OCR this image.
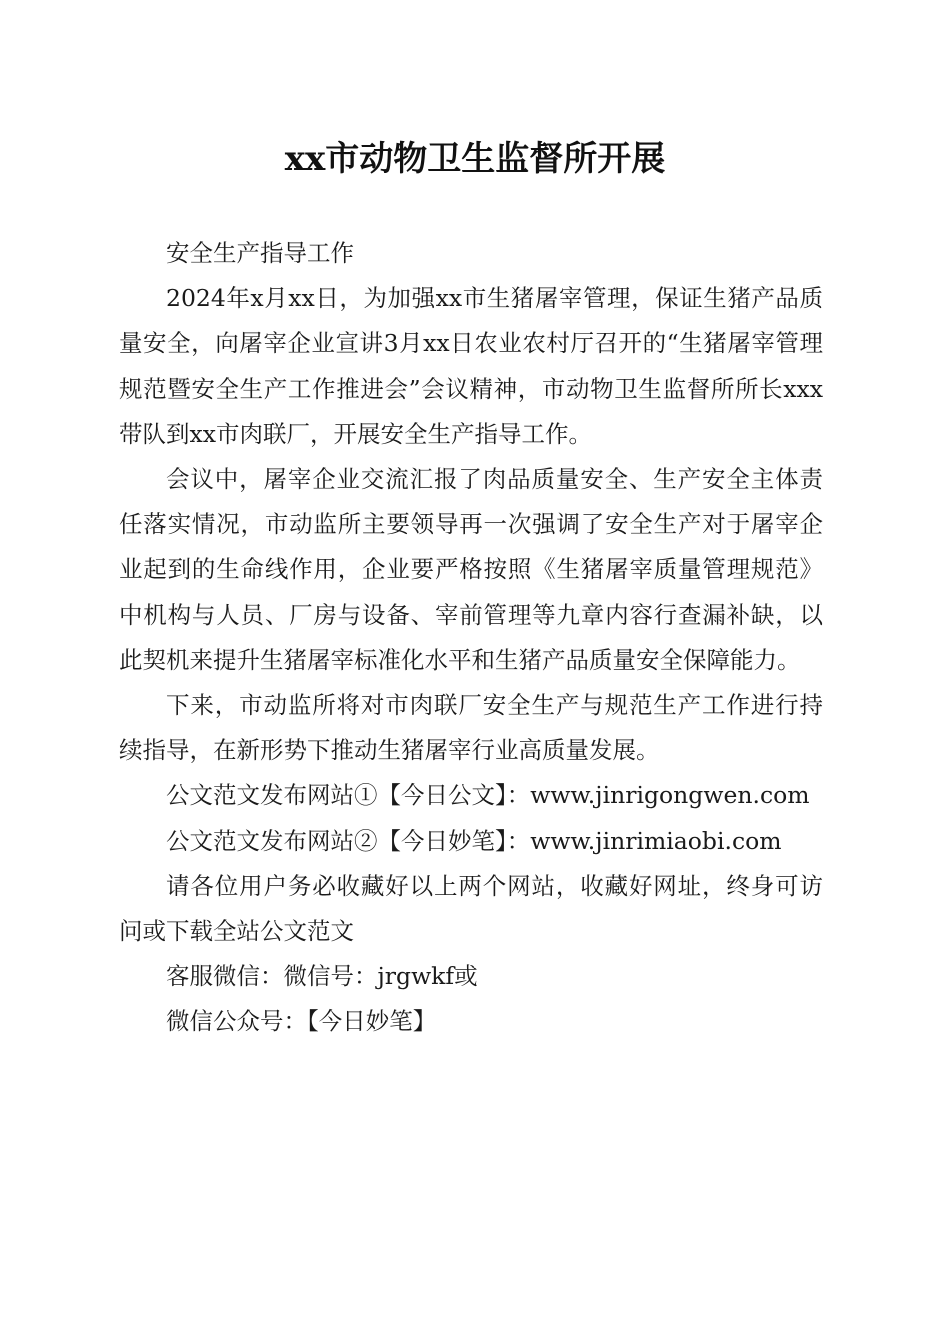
xx市动物卫生监督所开展

安全生产指导工作

2024年x月xx日，为加强xx市生猪屠宰管理，保证生猪产品质量安全，向屠宰企业宣讲3月xx日农业农村厅召开的“生猪屠宰管理规范暨安全生产工作推进会”会议精神，市动物卫生监督所所长xxx带队到xx市肉联厂，开展安全生产指导工作。

会议中，屠宰企业交流汇报了肉品质量安全、生产安全主体责任落实情况，市动监所主要领导再一次强调了安全生产对于屠宰企业起到的生命线作用，企业要严格按照《生猪屠宰质量管理规范》中机构与人员、厂房与设备、宰前管理等九章内容行查漏补缺，以此契机来提升生猪屠宰标准化水平和生猪产品质量安全保障能力。

下来，市动监所将对市肉联厂安全生产与规范生产工作进行持续指导，在新形势下推动生猪屠宰行业高质量发展。

公文范文发布网站①【今日公文】：www.jinrigongwen.com

公文范文发布网站②【今日妙笔】：www.jinrimiaobi.com

请各位用户务必收藏好以上两个网站，收藏好网址，终身可访问或下载全站公文范文

客服微信：微信号：jrgwkf或

微信公众号：【今日妙笔】
